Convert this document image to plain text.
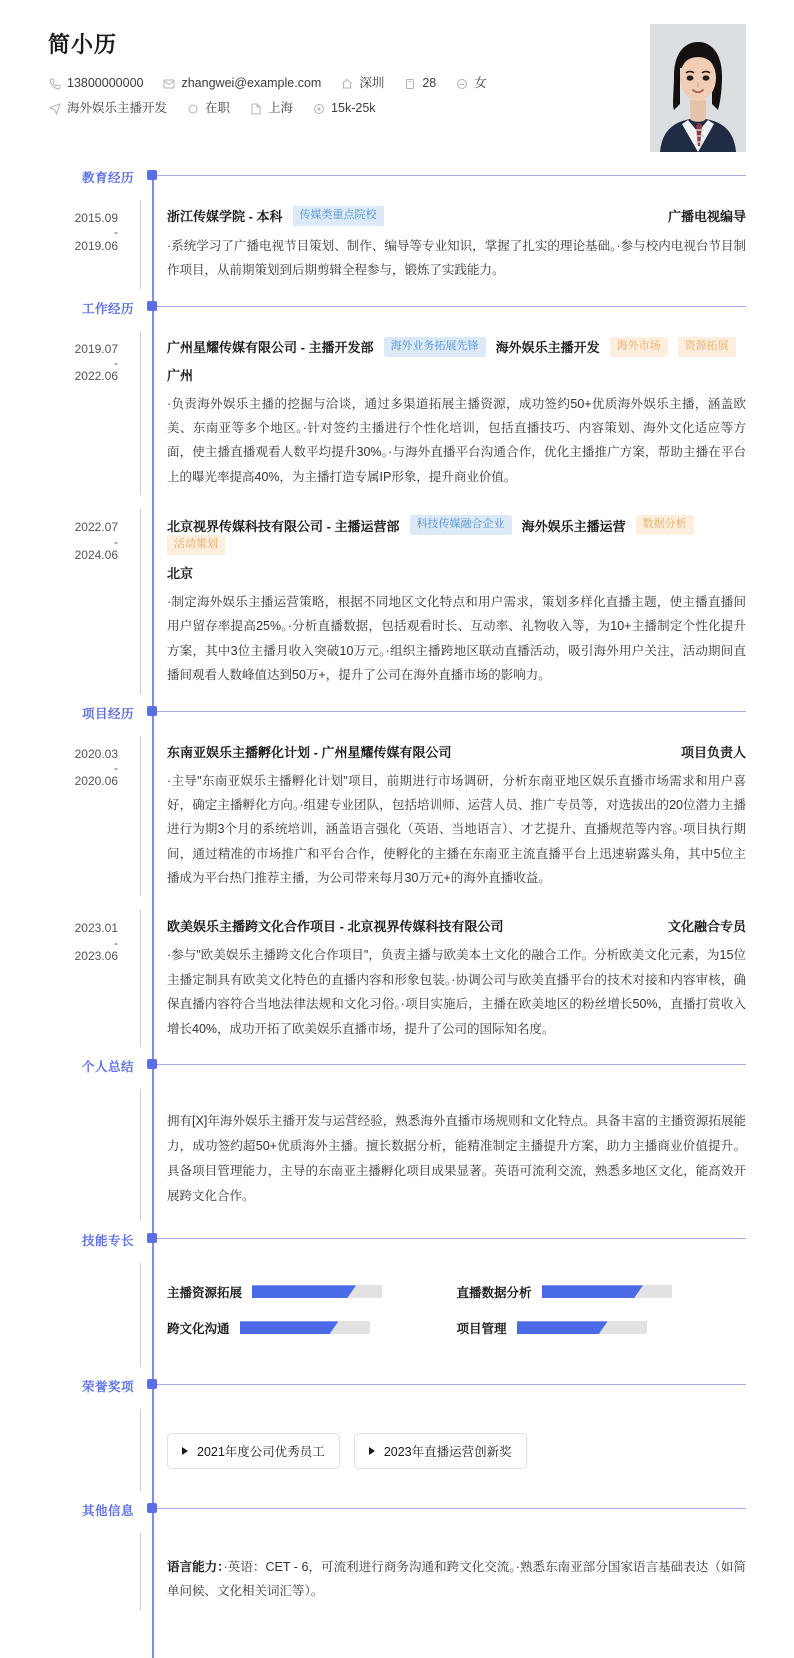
简小历
13800000000	zhangwei@example.com	深圳	28	女
海外娱乐主播开发	在职	上海	15k-25k
教育经历
2015.09
-
2019.06
浙江传媒学院 - 本科	传媒类重点院校	广播电视编导
·系统学习了广播电视节目策划、制作、编导等专业知识，掌握了扎实的理论基础。·参与校内电视台节目制作项目，从前期策划到后期剪辑全程参与，锻炼了实践能力。
工作经历
2019.07
-
2022.06
广州星耀传媒有限公司 - 主播开发部	海外业务拓展先锋	海外娱乐主播开发	海外市场	资源拓展
广州
·负责海外娱乐主播的挖掘与洽谈，通过多渠道拓展主播资源，成功签约50+优质海外娱乐主播，涵盖欧美、东南亚等多个地区。·针对签约主播进行个性化培训，包括直播技巧、内容策划、海外文化适应等方面，使主播直播观看人数平均提升30%。·与海外直播平台沟通合作，优化主播推广方案，帮助主播在平台上的曝光率提高40%，为主播打造专属IP形象，提升商业价值。
2022.07
-
2024.06
北京视界传媒科技有限公司 - 主播运营部	科技传媒融合企业	海外娱乐主播运营	数据分析
活动策划
北京
·制定海外娱乐主播运营策略，根据不同地区文化特点和用户需求，策划多样化直播主题，使主播直播间用户留存率提高25%。·分析直播数据，包括观看时长、互动率、礼物收入等，为10+主播制定个性化提升方案，其中3位主播月收入突破10万元。·组织主播跨地区联动直播活动，吸引海外用户关注，活动期间直播间观看人数峰值达到50万+，提升了公司在海外直播市场的影响力。
项目经历
2020.03
-
2020.06
东南亚娱乐主播孵化计划 - 广州星耀传媒有限公司	项目负责人
·主导"东南亚娱乐主播孵化计划"项目，前期进行市场调研，分析东南亚地区娱乐直播市场需求和用户喜好，确定主播孵化方向。·组建专业团队，包括培训师、运营人员、推广专员等，对选拔出的20位潜力主播进行为期3个月的系统培训，涵盖语言强化（英语、当地语言）、才艺提升、直播规范等内容。·项目执行期间，通过精准的市场推广和平台合作，使孵化的主播在东南亚主流直播平台上迅速崭露头角，其中5位主播成为平台热门推荐主播，为公司带来每月30万元+的海外直播收益。
2023.01
-
2023.06
欧美娱乐主播跨文化合作项目 - 北京视界传媒科技有限公司	文化融合专员
·参与"欧美娱乐主播跨文化合作项目"，负责主播与欧美本土文化的融合工作。分析欧美文化元素，为15位主播定制具有欧美文化特色的直播内容和形象包装。·协调公司与欧美直播平台的技术对接和内容审核，确保直播内容符合当地法律法规和文化习俗。·项目实施后，主播在欧美地区的粉丝增长50%，直播打赏收入增长40%，成功开拓了欧美娱乐直播市场，提升了公司的国际知名度。
个人总结
拥有[X]年海外娱乐主播开发与运营经验，熟悉海外直播市场规则和文化特点。具备丰富的主播资源拓展能力，成功签约超50+优质海外主播。擅长数据分析，能精准制定主播提升方案，助力主播商业价值提升。具备项目管理能力，主导的东南亚主播孵化项目成果显著。英语可流利交流，熟悉多地区文化，能高效开展跨文化合作。
技能专长
主播资源拓展	直播数据分析
跨文化沟通	项目管理
荣誉奖项
2021年度公司优秀员工	2023年直播运营创新奖
其他信息
语言能力：·英语：CET - 6，可流利进行商务沟通和跨文化交流。·熟悉东南亚部分国家语言基础表达（如简单问候、文化相关词汇等）。
